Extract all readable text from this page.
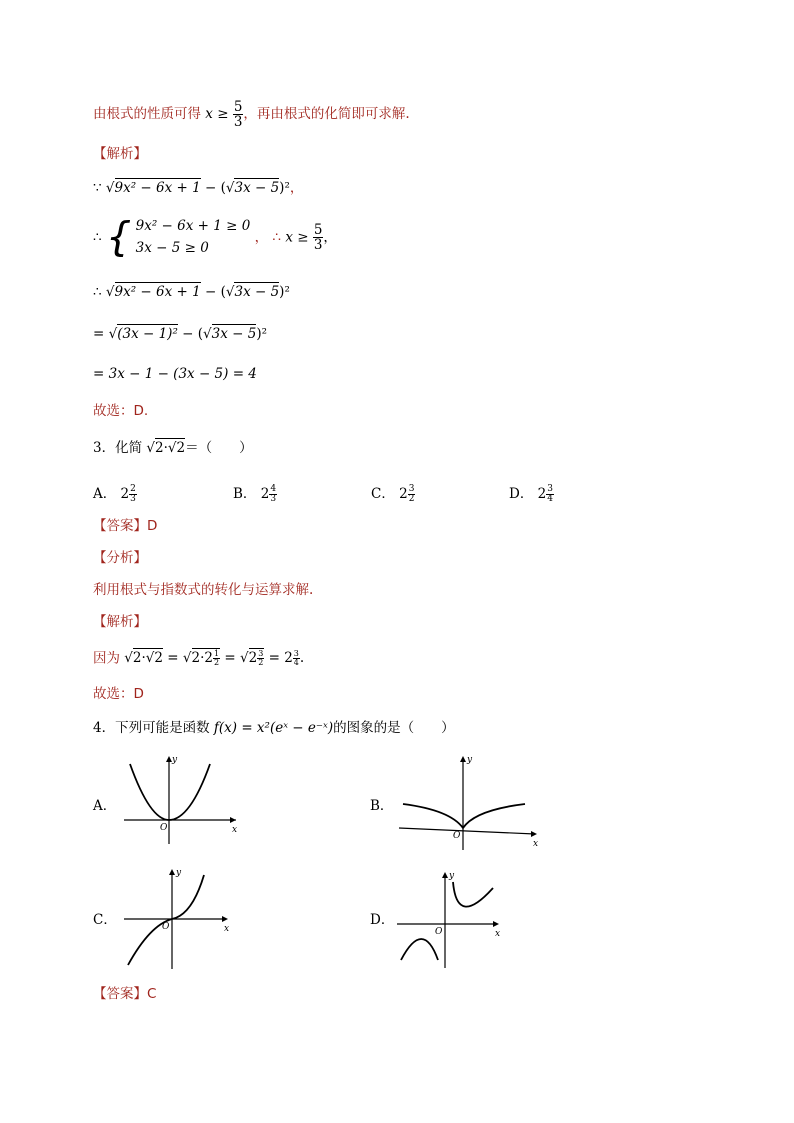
由根式的性质可得 $x \ge \frac{5}{3}$ ，再由根式的化简即可求解.
【解析】
∵ √9x² − 6x + 1 − (√3x − 5)²，
∴ { 9x² − 6x + 1 ≥ 0
3x − 5 ≥ 0
， ∴ $x \ge \frac{5}{3}$ ，
∴ √9x² − 6x + 1 − (√3x − 5)²
= √(3x − 1)² − (√3x − 5)²
= 3x − 1 − (3x − 5) = 4
故选：D.
3．化简 √2·√2＝（　　）
A． $2 \frac{2}{3}$	B． $2 \frac{4}{3}$	C． $2 \frac{3}{2}$	D． $2 \frac{3}{4}$
【答案】D
【分析】
利用根式与指数式的转化与运算求解.
【解析】
因为 $√2\cdot√2 = √2\cdot 2 \frac{1}{2} = √2 \frac{3}{2} = 2 \frac{3}{4}$ .
故选：D
4．下列可能是函数 f(x) = x²(eˣ − e⁻ˣ)的图象的是（　　）
A．	B．
C．	D．
y
x
O
y
x
O
y
x
O
y
x
O
【答案】C
